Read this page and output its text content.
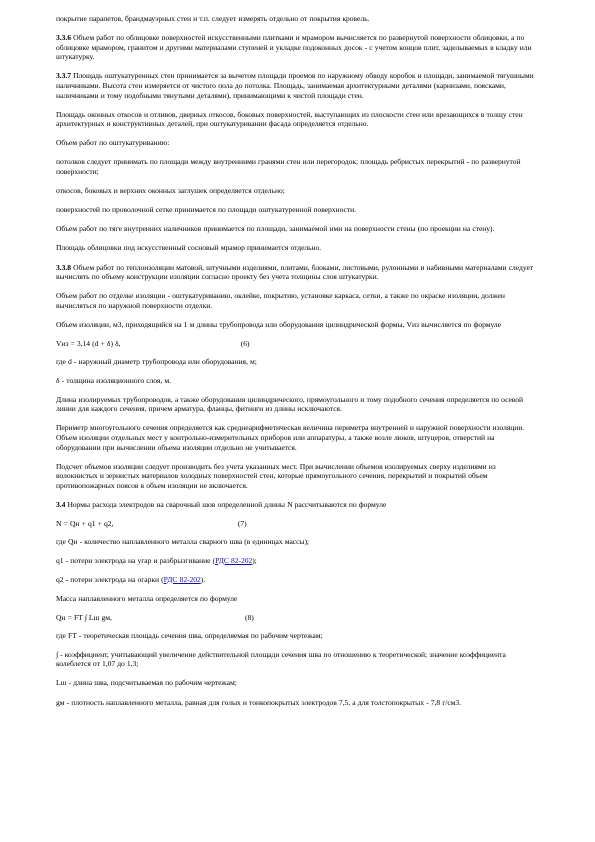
покрытие парапетов, брандмауэрных стен и т.п. следует измерять отдельно от покрытия кровель.

3.3.6 Объем работ по облицовке поверхностей искусственными плитками и мрамором вычисляется по развернутой поверхности облицовки, а по облицовке мрамором, гранитом и другими материалами ступеней и укладке подоконных досок - с учетом концов плит, заделываемых в кладку или штукатурку.

3.3.7 Площадь оштукатуренных стен принимается за вычетом площади проемов по наружному обводу коробок и площади, занимаемой тягушными наличниками. Высота стен измеряется от чистого пола до потолка. Площадь, занимаемая архитектурными деталями (карнизами, поясками, наличниками и тому подобными тянутыми деталями), принимающими к чистой площади стен.

Площадь оконных откосов и отливов, дверных откосов, боковых поверхностей, выступающих из плоскости стен или врезающихся в толщу стен архитектурных и конструктивных деталей, при оштукатуривании фасада определяется отдельно.

Объем работ по оштукатуриванию:

потолков следует принимать по площади между внутренними гранями стен или перегородок; площадь ребристых перекрытий - по развернутой поверхности;

откосов, боковых и верхних оконных заглушек определяется отдельно;

поверхностей по проволочной сетке принимается по площади оштукатуренной поверхности.

Объем работ по тяге внутренних наличников принимается по площади, занимаемой ими на поверхности стены (по проекции на стену).

Площадь облицовки под искусственный сосновый мрамор принимается отдельно.

3.3.8 Объем работ по теплоизоляции матовой, штучными изделиями, плитами, блоками, листовыми, рулонными и набивными материалами следует вычислять по объему конструкции изоляции согласно проекту без учета толщины слоя штукатурки.

Объем работ по отделке изоляции - оштукатуриванию, оклейке, покрытию, установке каркаса, сетки, а также по окраске изоляции, должен вычисляться по наружной поверхности отделки.

Объем изоляции, м3, приходящийся на 1 м длины трубопровода или оборудования цилиндрической формы, Vиз вычисляется по формуле

Vиз = 3,14 (d + δ) δ,	(6)

где d - наружный диаметр трубопровода или оборудования, м;

δ - толщина изоляционного слоя, м.

Длина изолируемых трубопроводов, а также оборудования цилиндрического, прямоугольного и тому подобного сечения определяется по осевой линии для каждого сечения, причем арматура, фланцы, фитинги из длины исключаются.

Периметр многоугольного сечения определяется как среднеарифметическая величина периметра внутренней и наружной поверхности изоляции. Объем изоляции отдельных мест у контрольно-измерительных приборов или аппаратуры, а также возле люков, штуцеров, отверстий на оборудовании при вычислении объема изоляции отдельно не учитывается.

Подсчет объемов изоляции следует производить без учета указанных мест. При вычислении объемов изолируемых сверху изделиями из волокнистых и зернистых материалов холодных поверхностей стен, которые прямоугольного сечения, перекрытий и покрытий объем противопожарных поясов в объем изоляции не включается.

3.4 Нормы расхода электродов на сварочный шов определенной длины N рассчитываются по формуле

N = Qн + q1 + q2,	(7)

где Qн - количество наплавленного металла сварного шва (в единицах массы);

q1 - потери электрода на угар и разбрызгивание (РДС 82-202);

q2 - потери электрода на огарки (РДС 82-202).

Масса наплавленного металла определяется по формуле

Qн = FT ∫ Lш gм,	(8)

где FT - теоретическая площадь сечения шва, определяемая по рабочим чертежам;

∫ - коэффициент, учитывающий увеличение действительной площади сечения шва по отношению к теоретической; значение коэффициента колеблется от 1,07 до 1,3;

Lш - длина шва, подсчитываемая по рабочим чертежам;

gм - плотность наплавленного металла, равная для голых и тонкопокрытых электродов 7,5, а для толстопокрытых - 7,8 г/см3.
